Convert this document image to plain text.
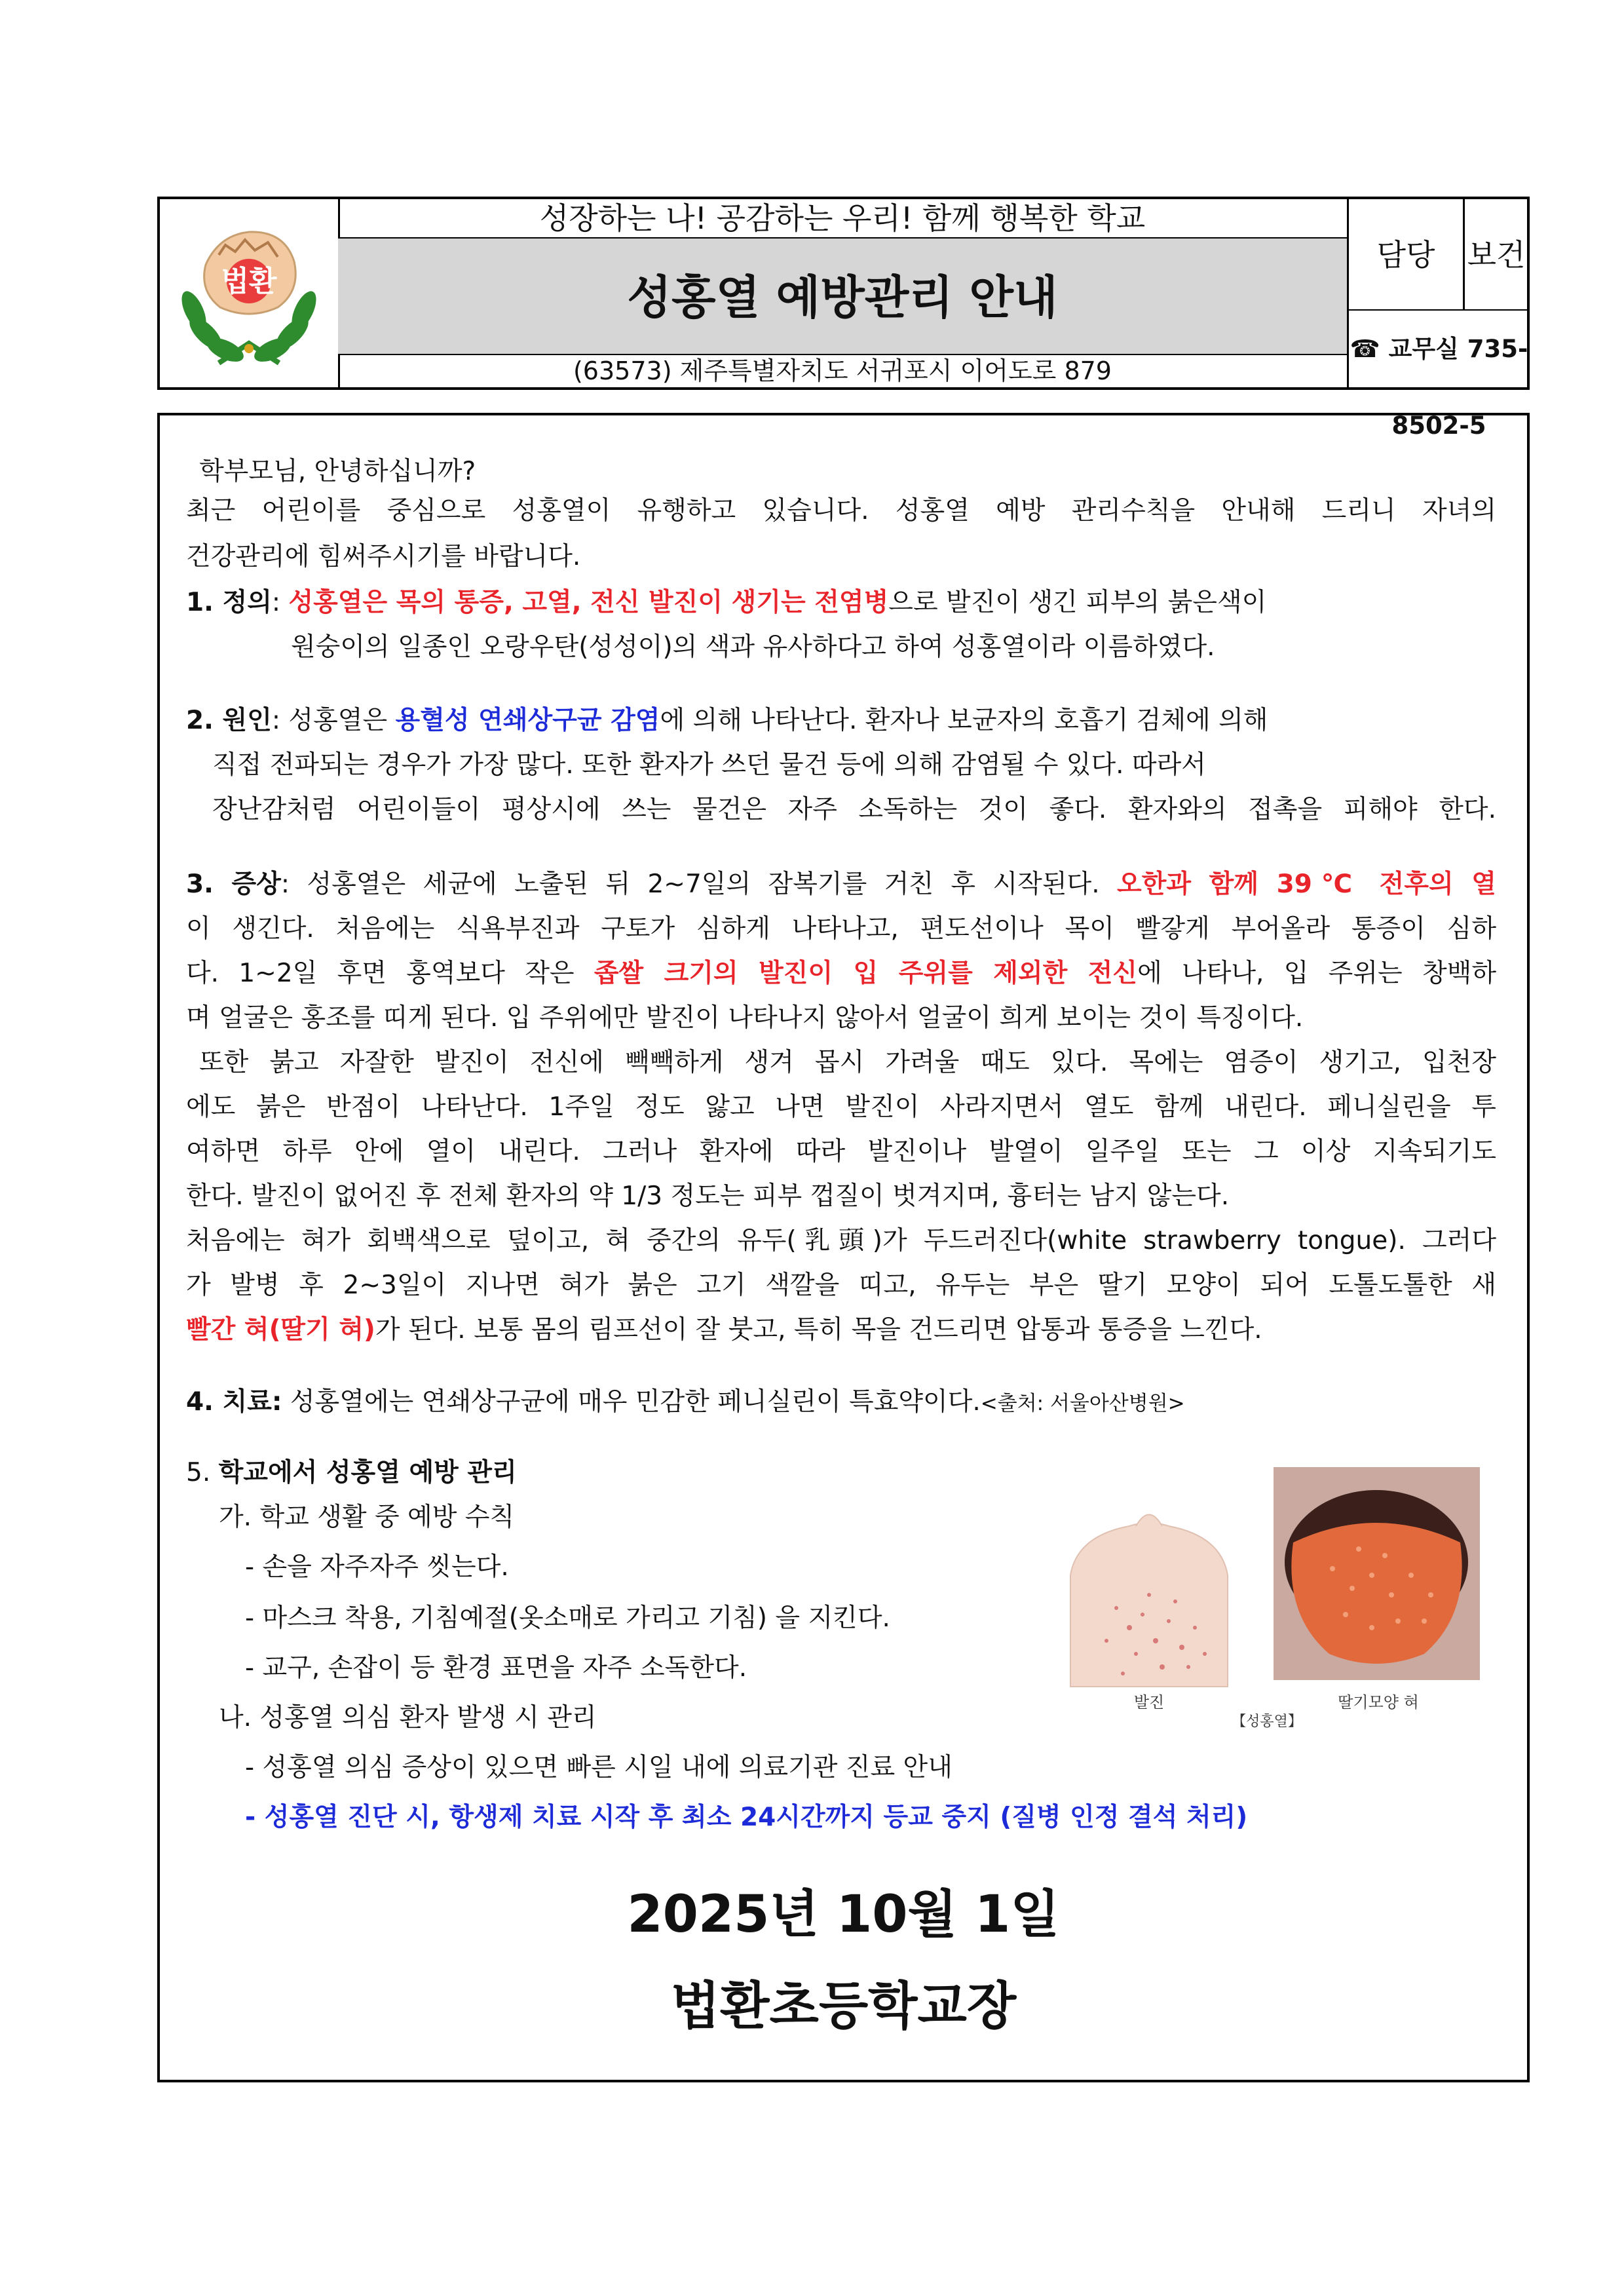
법환
성장하는 나! 공감하는 우리! 함께 행복한 학교
성홍열 예방관리 안내
(63573) 제주특별자치도 서귀포시 이어도로 879
담당	보건
☎ 교무실 735-8502-5
학부모님, 안녕하십니까?
최근 어린이를 중심으로 성홍열이 유행하고 있습니다. 성홍열 예방 관리수칙을 안내해 드리니 자녀의
건강관리에 힘써주시기를 바랍니다.
1. 정의: 성홍열은 목의 통증, 고열, 전신 발진이 생기는 전염병으로 발진이 생긴 피부의 붉은색이
원숭이의 일종인 오랑우탄(성성이)의 색과 유사하다고 하여 성홍열이라 이름하였다.
2. 원인: 성홍열은 용혈성 연쇄상구균 감염에 의해 나타난다. 환자나 보균자의 호흡기 검체에 의해
직접 전파되는 경우가 가장 많다. 또한 환자가 쓰던 물건 등에 의해 감염될 수 있다. 따라서
장난감처럼 어린이들이 평상시에 쓰는 물건은 자주 소독하는 것이 좋다. 환자와의 접촉을 피해야 한다.
3. 증상: 성홍열은 세균에 노출된 뒤 2~7일의 잠복기를 거친 후 시작된다. 오한과 함께 39℃ 전후의 열
이 생긴다. 처음에는 식욕부진과 구토가 심하게 나타나고, 편도선이나 목이 빨갛게 부어올라 통증이 심하
다. 1~2일 후면 홍역보다 작은 좁쌀 크기의 발진이 입 주위를 제외한 전신에 나타나, 입 주위는 창백하
며 얼굴은 홍조를 띠게 된다. 입 주위에만 발진이 나타나지 않아서 얼굴이 희게 보이는 것이 특징이다.
또한 붉고 자잘한 발진이 전신에 빽빽하게 생겨 몹시 가려울 때도 있다. 목에는 염증이 생기고, 입천장
에도 붉은 반점이 나타난다. 1주일 정도 앓고 나면 발진이 사라지면서 열도 함께 내린다. 페니실린을 투
여하면 하루 안에 열이 내린다. 그러나 환자에 따라 발진이나 발열이 일주일 또는 그 이상 지속되기도
한다. 발진이 없어진 후 전체 환자의 약 1/3 정도는 피부 껍질이 벗겨지며, 흉터는 남지 않는다.
처음에는 혀가 회백색으로 덮이고, 혀 중간의 유두(乳頭)가 두드러진다(white strawberry tongue). 그러다
가 발병 후 2~3일이 지나면 혀가 붉은 고기 색깔을 띠고, 유두는 부은 딸기 모양이 되어 도톨도톨한 새
빨간 혀(딸기 혀)가 된다. 보통 몸의 림프선이 잘 붓고, 특히 목을 건드리면 압통과 통증을 느낀다.
4. 치료: 성홍열에는 연쇄상구균에 매우 민감한 페니실린이 특효약이다.<출처: 서울아산병원>
5. 학교에서 성홍열 예방 관리
가. 학교 생활 중 예방 수칙
- 손을 자주자주 씻는다.
- 마스크 착용, 기침예절(옷소매로 가리고 기침) 을 지킨다.
- 교구, 손잡이 등 환경 표면을 자주 소독한다.
나. 성홍열 의심 환자 발생 시 관리
- 성홍열 의심 증상이 있으면 빠른 시일 내에 의료기관 진료 안내
- 성홍열 진단 시, 항생제 치료 시작 후 최소 24시간까지 등교 중지 (질병 인정 결석 처리)
발진	딸기모양 혀
【성홍열】
2025년 10월 1일
법환초등학교장
